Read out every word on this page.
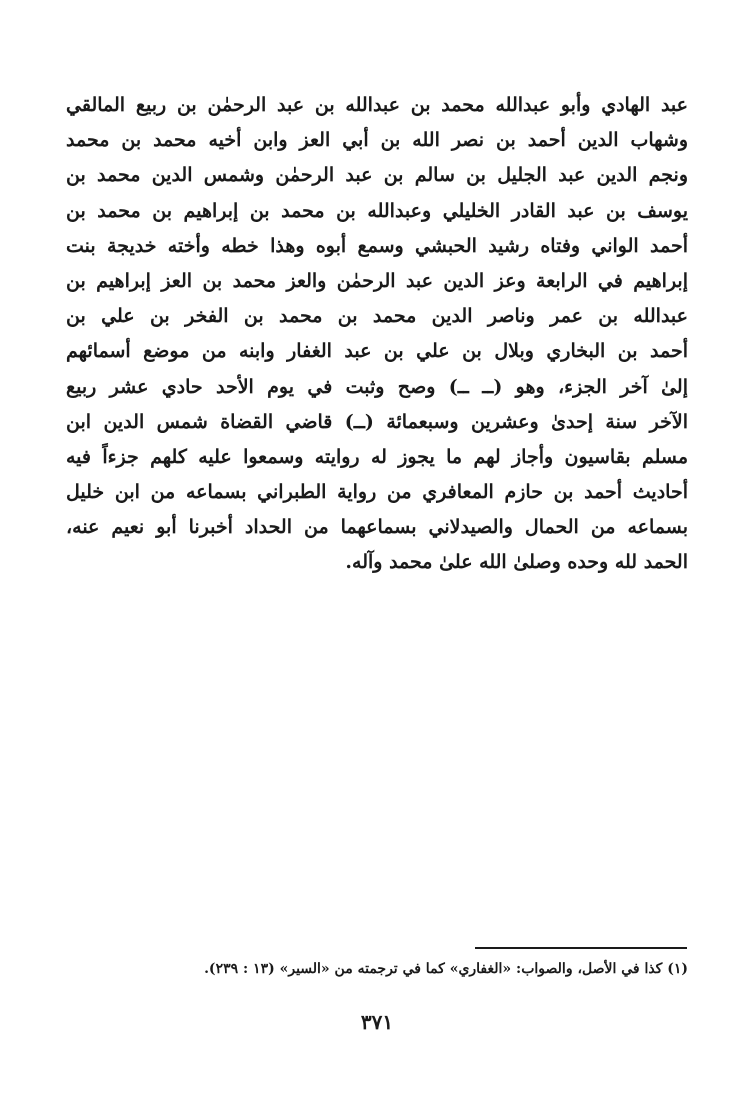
عبد الهادي وأبو عبدالله محمد بن عبدالله بن عبد الرحمٰن بن ربيع المالقي
وشهاب الدين أحمد بن نصر الله بن أبي العز وابن أخيه محمد بن محمد
ونجم الدين عبد الجليل بن سالم بن عبد الرحمٰن وشمس الدين محمد بن
يوسف بن عبد القادر الخليلي وعبدالله بن محمد بن إبراهيم بن محمد بن
أحمد الواني وفتاه رشيد الحبشي وسمع أبوه وهذا خطه وأخته خديجة بنت
إبراهيم في الرابعة وعز الدين عبد الرحمٰن والعز محمد بن العز إبراهيم بن
عبدالله بن عمر وناصر الدين محمد بن محمد بن الفخر بن علي بن
أحمد بن البخاري وبلال بن علي بن عبد الغفار وابنه من موضع أسمائهم
إلىٰ آخر الجزء، وهو (ــ ــ) وصح وثبت في يوم الأحد حادي عشر ربيع
الآخر سنة إحدىٰ وعشرين وسبعمائة (ــ) قاضي القضاة شمس الدين ابن
مسلم بقاسيون وأجاز لهم ما يجوز له روايته وسمعوا عليه كلهم جزءاً فيه
أحاديث أحمد بن حازم المعافري من رواية الطبراني بسماعه من ابن خليل
بسماعه من الحمال والصيدلاني بسماعهما من الحداد أخبرنا أبو نعيم عنه،
الحمد لله وحده وصلىٰ الله علىٰ محمد وآله.
(١) كذا في الأصل، والصواب: «الغفاري» كما في ترجمته من «السير» (١٣ : ٢٣٩).
٣٧١
